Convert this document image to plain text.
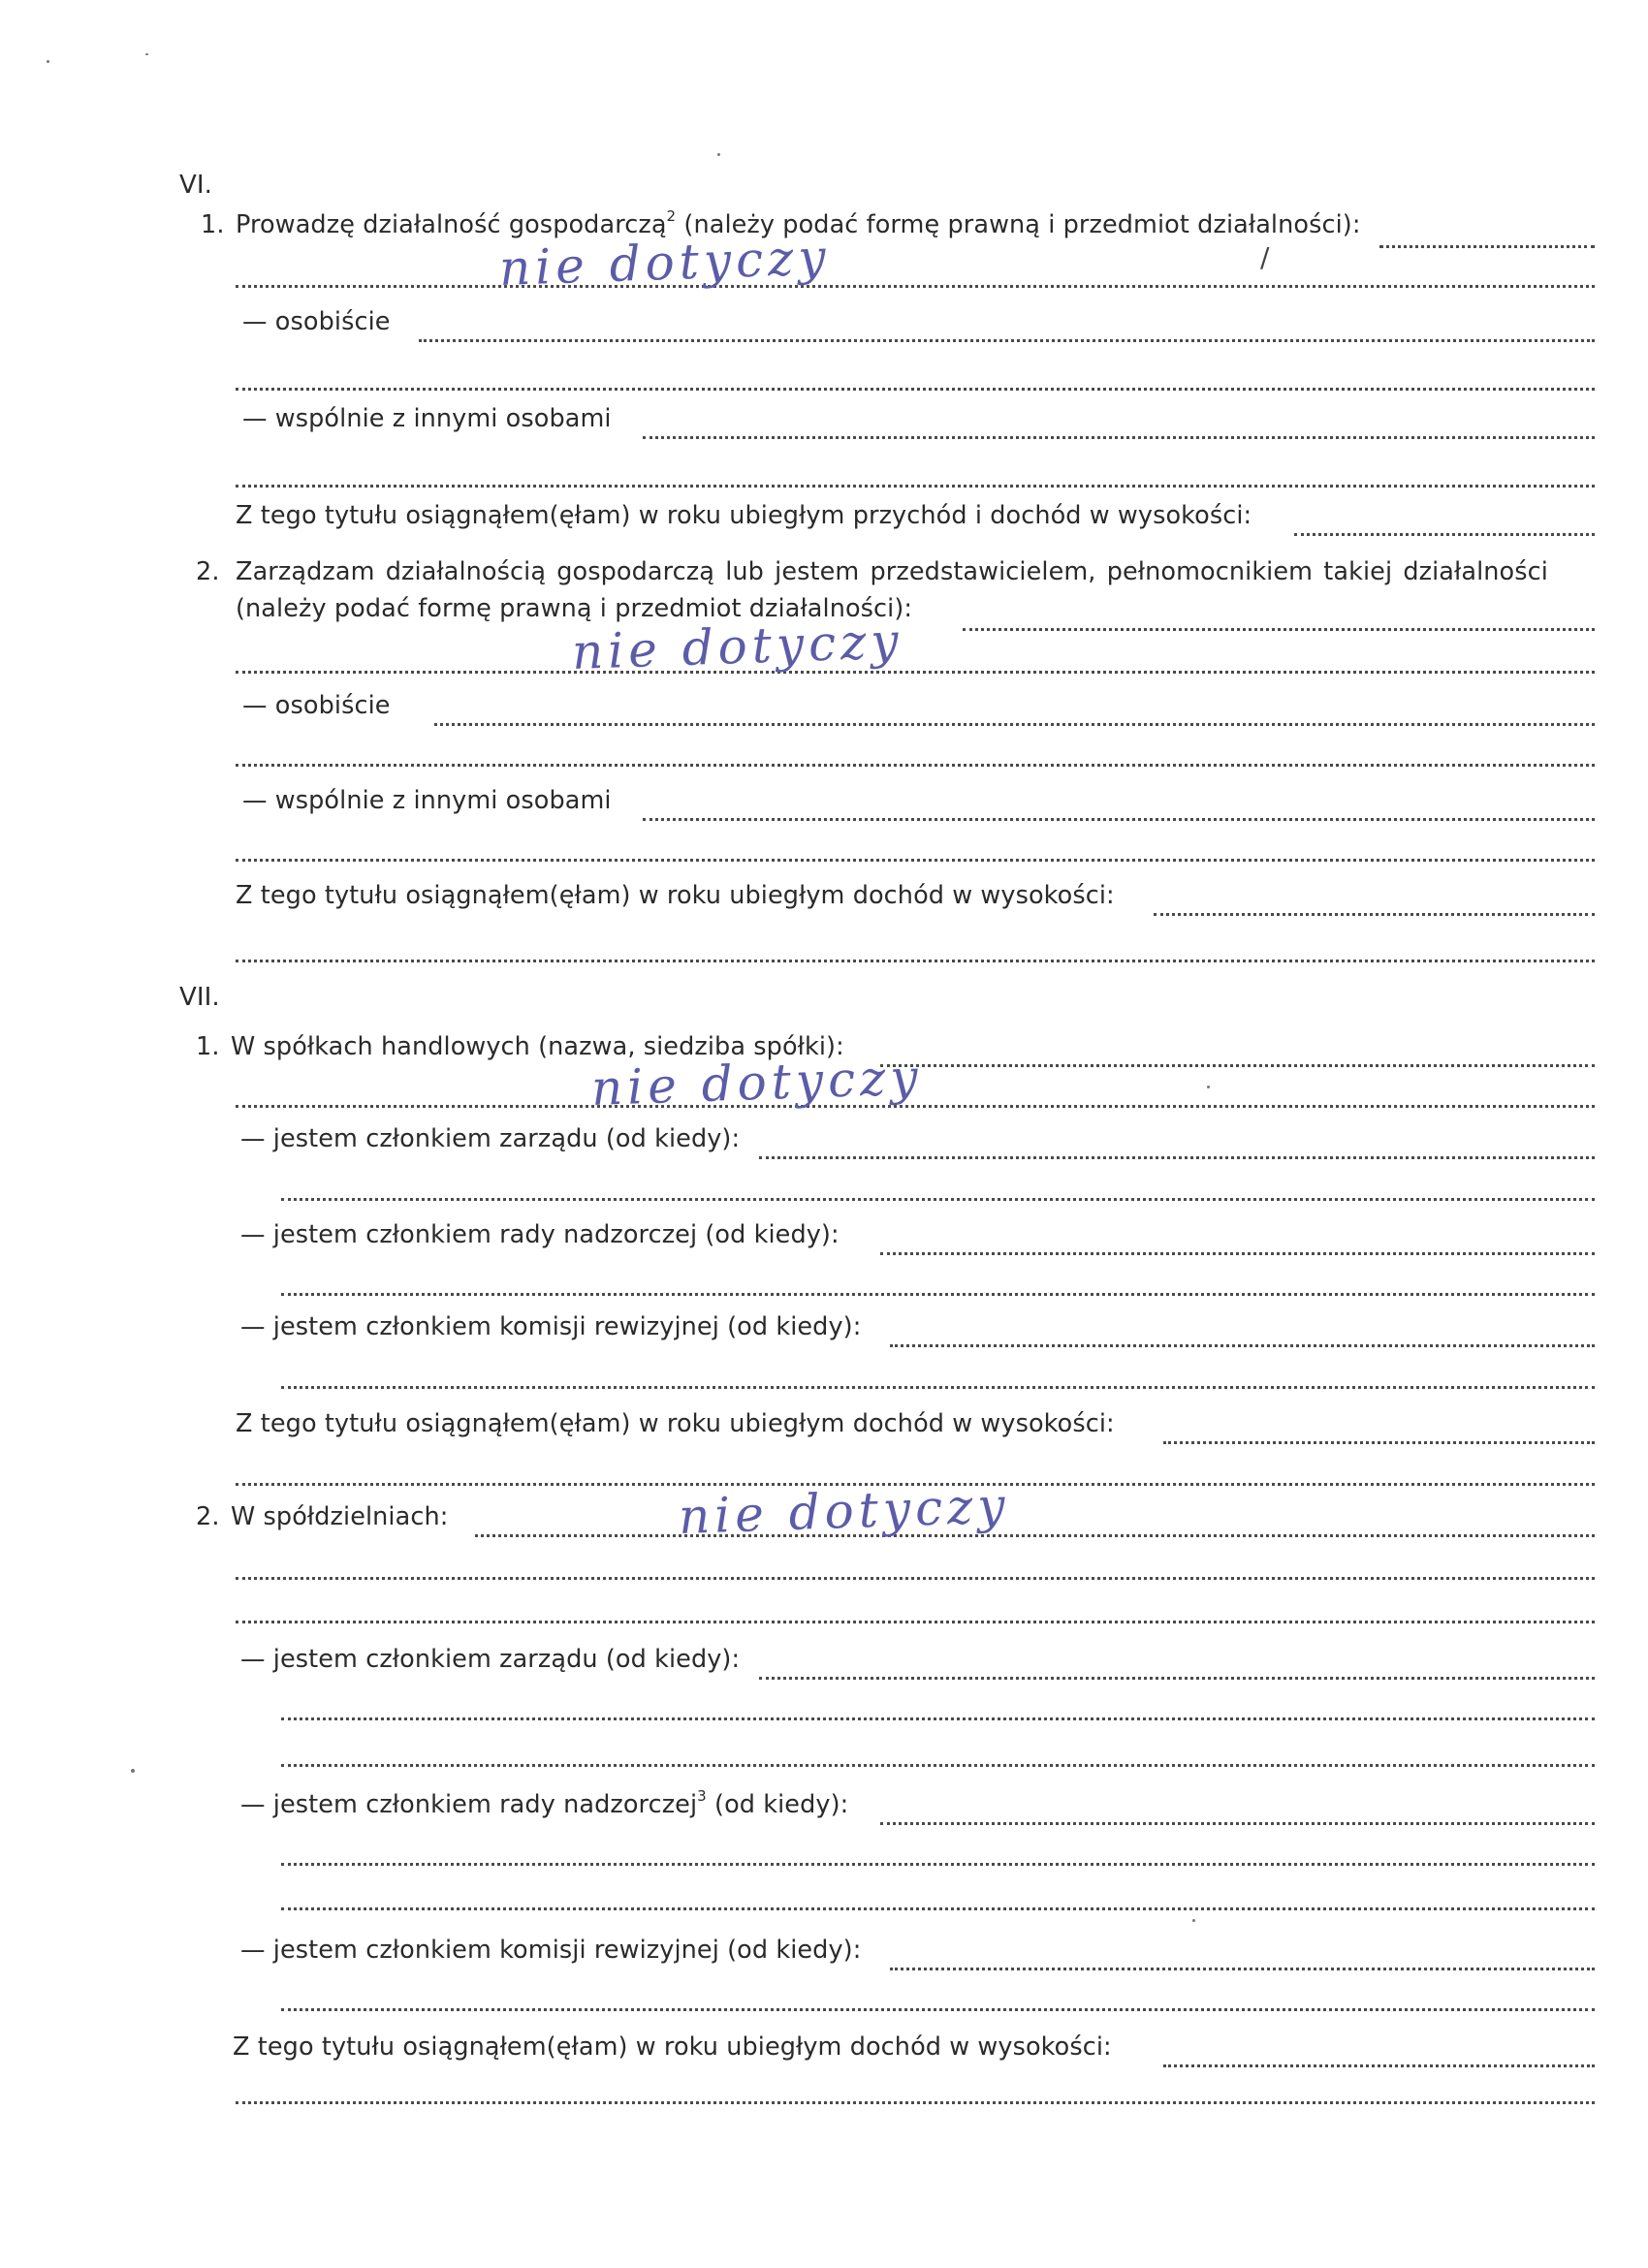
VI.
1. Prowadzę działalność gospodarczą$^2$ (należy podać formę prawną i przedmiot działalności):
nie dotyczy	/
— osobiście
— wspólnie z innymi osobami
Z tego tytułu osiągnąłem(ęłam) w roku ubiegłym przychód i dochód w wysokości:
2. Zarządzam działalnością gospodarczą lub jestem przedstawicielem, pełnomocnikiem takiej działalności
(należy podać formę prawną i przedmiot działalności):
nie dotyczy
— osobiście
— wspólnie z innymi osobami
Z tego tytułu osiągnąłem(ęłam) w roku ubiegłym dochód w wysokości:
VII.
1. W spółkach handlowych (nazwa, siedziba spółki):
nie dotyczy
— jestem członkiem zarządu (od kiedy):
— jestem członkiem rady nadzorczej (od kiedy):
— jestem członkiem komisji rewizyjnej (od kiedy):
Z tego tytułu osiągnąłem(ęłam) w roku ubiegłym dochód w wysokości:
2. W spółdzielniach:	nie dotyczy
— jestem członkiem zarządu (od kiedy):
— jestem członkiem rady nadzorczej$^3$ (od kiedy):
— jestem członkiem komisji rewizyjnej (od kiedy):
Z tego tytułu osiągnąłem(ęłam) w roku ubiegłym dochód w wysokości:
